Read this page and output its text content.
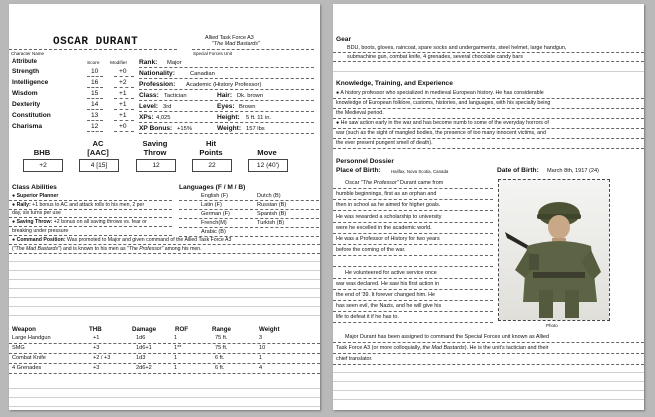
OSCAR DURANT
Character Name
Allied Task Force A3
"The Mad Bastards"
Special Forces Unit
Attribute	Score Modifier
Strength	10	+0
Intelligence	16	+2
Wisdom	15	+1
Dexterity	14	+1
Constitution	13	+1
Charisma	12	+0
Rank: Major
Nationality:	Canadian
Profession: Academic (History Professor)
Class: Tactician	Hair: Dk. brown
Level: 3rd	Eyes: Brown
XPs: 4,025	Height: 5 ft. 11 in.
XP Bonus: +15%	Weight: 157 lbs
BHB
+2
AC
[AAC]
4 [15]
Saving
Throw
12
Hit
Points
22
Move
12 (40')
Class Abilities
● Superior Planner
● Rally: +1 bonus to AC and attack rolls to his men, 2 per
day, six turns per use
● Saving Throw: +2 bonus on all saving throws vs. fear or
breaking under pressure
● Command Position: Was promoted to Major and given command of the Allied Task Force A3
("The Mad Bastards") and is known to his men as "The Professor" among his men.
Languages (F / M / B)
English (F)	Dutch (B)
Latin (F)	Russian (B)
German (F)	Spanish (B)
French(M)	Turkish (B)
Arabic (B)
Weapon	THB	Damage	ROF	Range	Weight
Large Handgun	+1	1d6	1	75 ft.	3
SMG	+3	1d6+1	1**	75 ft.	10
Combat Knife	+2 / +3	1d3	1	6 ft.	1
4 Grenades	+3	2d6+2	1	6 ft.	4
Gear
BDU, boots, gloves, raincoat, spare socks and undergarments, steel helmet, large handgun,
submachine gun, combat knife, 4 grenades, several chocolate candy bars
Knowledge, Training, and Experience
● A history professor who specialized in medieval European history. He has considerable
knowledge of European folklore, customs, histories, and languages, with his specialty being
the Medieval period.
● He saw action early in the war and has become numb to some of the everyday horrors of
war (such as the sight of mangled bodies, the presence of too many innocent victims, and
the ever present pungent smell of death).
Personnel Dossier
Place of Birth: Halifax, Nova Scotia, Canada	Date of Birth: March 8th, 1917 (24)
Oscar "The Professor" Durant came from
humble beginnings, first as an orphan and
then in school as he aimed for higher goals.
He was rewarded a scholarship to university
were he excelled in the academic world.
He was a Professor of History for two years
before the coming of the war.
He volunteered for active service once
war was declared. He saw his first action in
the end of '39. It forever changed him. He
has seen evil, the Nazis, and he will give his
life to defeat it if he has to.
Photo
Major Durant has been assigned to command the Special Forces unit known as Allied
Task Force A3 (or more colloquially, the Mad Bastards). He is the unit's tactician and their
chief translator.
